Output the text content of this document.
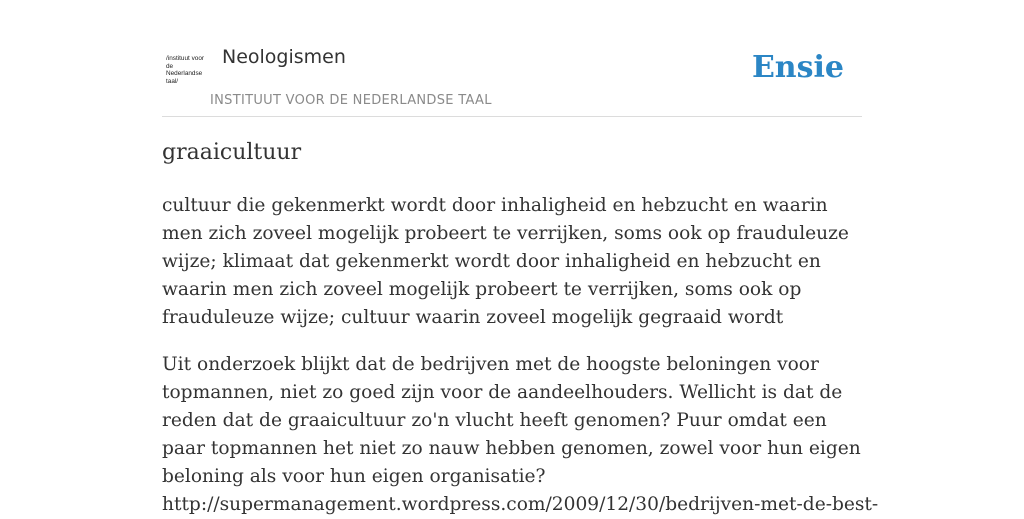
/instituut voor de Nederlandse taal/
Neologismen
INSTITUUT VOOR DE NEDERLANDSE TAAL
Ensie
graaicultuur

cultuur die gekenmerkt wordt door inhaligheid en hebzucht en waarin men zich zoveel mogelijk probeert te verrijken, soms ook op frauduleuze wijze; klimaat dat gekenmerkt wordt door inhaligheid en hebzucht en waarin men zich zoveel mogelijk probeert te verrijken, soms ook op frauduleuze wijze; cultuur waarin zoveel mogelijk gegraaid wordt

Uit onderzoek blijkt dat de bedrijven met de hoogste beloningen voor topmannen, niet zo goed zijn voor de aandeelhouders. Wellicht is dat de reden dat de graaicultuur zo'n vlucht heeft genomen? Puur omdat een paar topmannen het niet zo nauw hebben genomen, zowel voor hun eigen beloning als voor hun eigen organisatie?
http://supermanagement.wordpress.com/2009/12/30/bedrijven-met-de-best-
